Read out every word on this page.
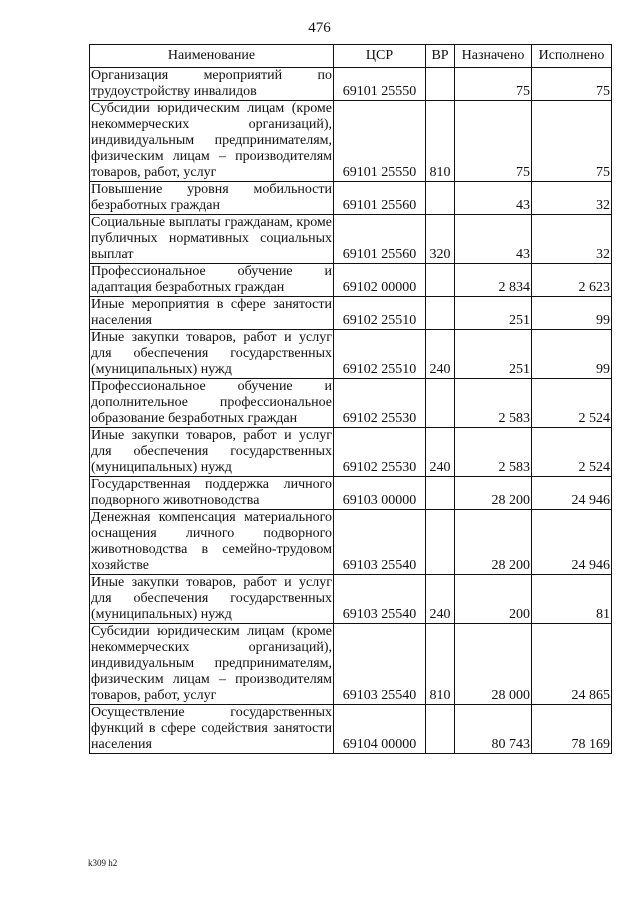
476
Наименование	ЦСР	ВР	Назначено	Исполнено
Организация мероприятий по трудоустройству инвалидов	69101 25550		75	75
Субсидии юридическим лицам (кроме некоммерческих организаций), индивидуальным предпринимателям, физическим лицам – производителям товаров, работ, услуг	69101 25550	810	75	75
Повышение уровня мобильности безработных граждан	69101 25560		43	32
Социальные выплаты гражданам, кроме публичных нормативных социальных выплат	69101 25560	320	43	32
Профессиональное обучение и адаптация безработных граждан	69102 00000		2 834	2 623
Иные мероприятия в сфере занятости населения	69102 25510		251	99
Иные закупки товаров, работ и услуг для обеспечения государственных (муниципальных) нужд	69102 25510	240	251	99
Профессиональное обучение и дополнительное профессиональное образование безработных граждан	69102 25530		2 583	2 524
Иные закупки товаров, работ и услуг для обеспечения государственных (муниципальных) нужд	69102 25530	240	2 583	2 524
Государственная поддержка личного подворного животноводства	69103 00000		28 200	24 946
Денежная компенсация материального оснащения личного подворного животноводства в семейно-трудовом хозяйстве	69103 25540		28 200	24 946
Иные закупки товаров, работ и услуг для обеспечения государственных (муниципальных) нужд	69103 25540	240	200	81
Субсидии юридическим лицам (кроме некоммерческих организаций), индивидуальным предпринимателям, физическим лицам – производителям товаров, работ, услуг	69103 25540	810	28 000	24 865
Осуществление государственных функций в сфере содействия занятости населения	69104 00000		80 743	78 169
k309 h2
